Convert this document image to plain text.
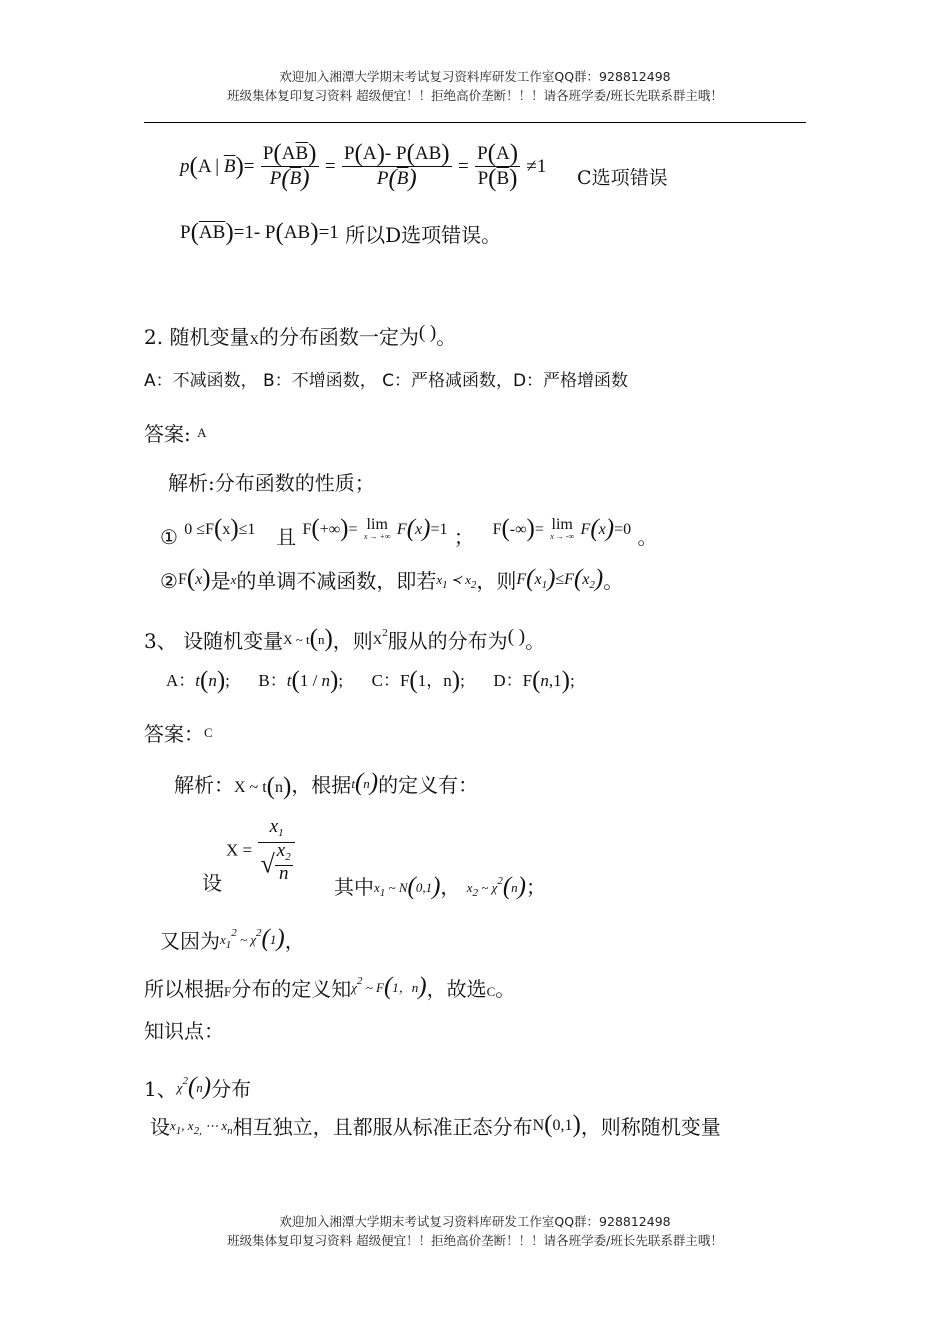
欢迎加入湘潭大学期末考试复习资料库研发工作室QQ群：928812498
班级集体复印复习资料 超级便宜！！拒绝高价垄断！！！请各班学委/班长先联系群主哦！
p(A | $\overline{B})= \frac{P(A\overline{B})}{P(\overline{B})} = \frac{P(A)- P(AB)}{P(\overline{B})} = \frac{P(A)}{P(\overline{B})} \ne 1$  C选项错误
$P(\overline{AB})=1-$ P(AB)=1 所以D选项错误。
2. 随机变量X的分布函数一定为( )。
A：不减函数， B：不增函数， C：严格减函数，D：严格增函数
答案: $^A$
解析:分布函数的性质；
① 0 ≤F(x)≤1 且 F(+∞)= lim
x → +∞ F(x)=1 ； F(-∞)= lim
x → -∞ F(x)=0 。
②$^{F(x)}$是$^x$的单调不减函数，即若$^{x_1 ≺ x_2}$，则$^{F(x_1)\le F(x_2)}$。
3、 设随机变量$^{X \sim t(n)}$，则$^{X^2}$服从的分布为( )。
A：t(n);  B：t(1 / n);  C：F(1，n);  D：F(n,1);
答案：$^C$
解析：X ~ t(n)，根据$^{t(n)}$的定义有：
$X = \frac{x_1}{√ \frac{x_2}{n}}$
设	其中$x_1$ ~ N(0,1)， $x_2$ ~ $\chi^2(n)$；
又因为$^{x_1^2 \sim \chi^2(1)}$，
所以根据F分布的定义知$^{\chi^2 \sim F(1,n)}$，故选C。
知识点：
1、$^{\chi^2(n)}$分布
设$^{x_1, x_{2,} \cdots x_n}$相互独立，且都服从标准正态分布$^{N(0,1)}$，则称随机变量
欢迎加入湘潭大学期末考试复习资料库研发工作室QQ群：928812498
班级集体复印复习资料 超级便宜！！拒绝高价垄断！！！请各班学委/班长先联系群主哦！
